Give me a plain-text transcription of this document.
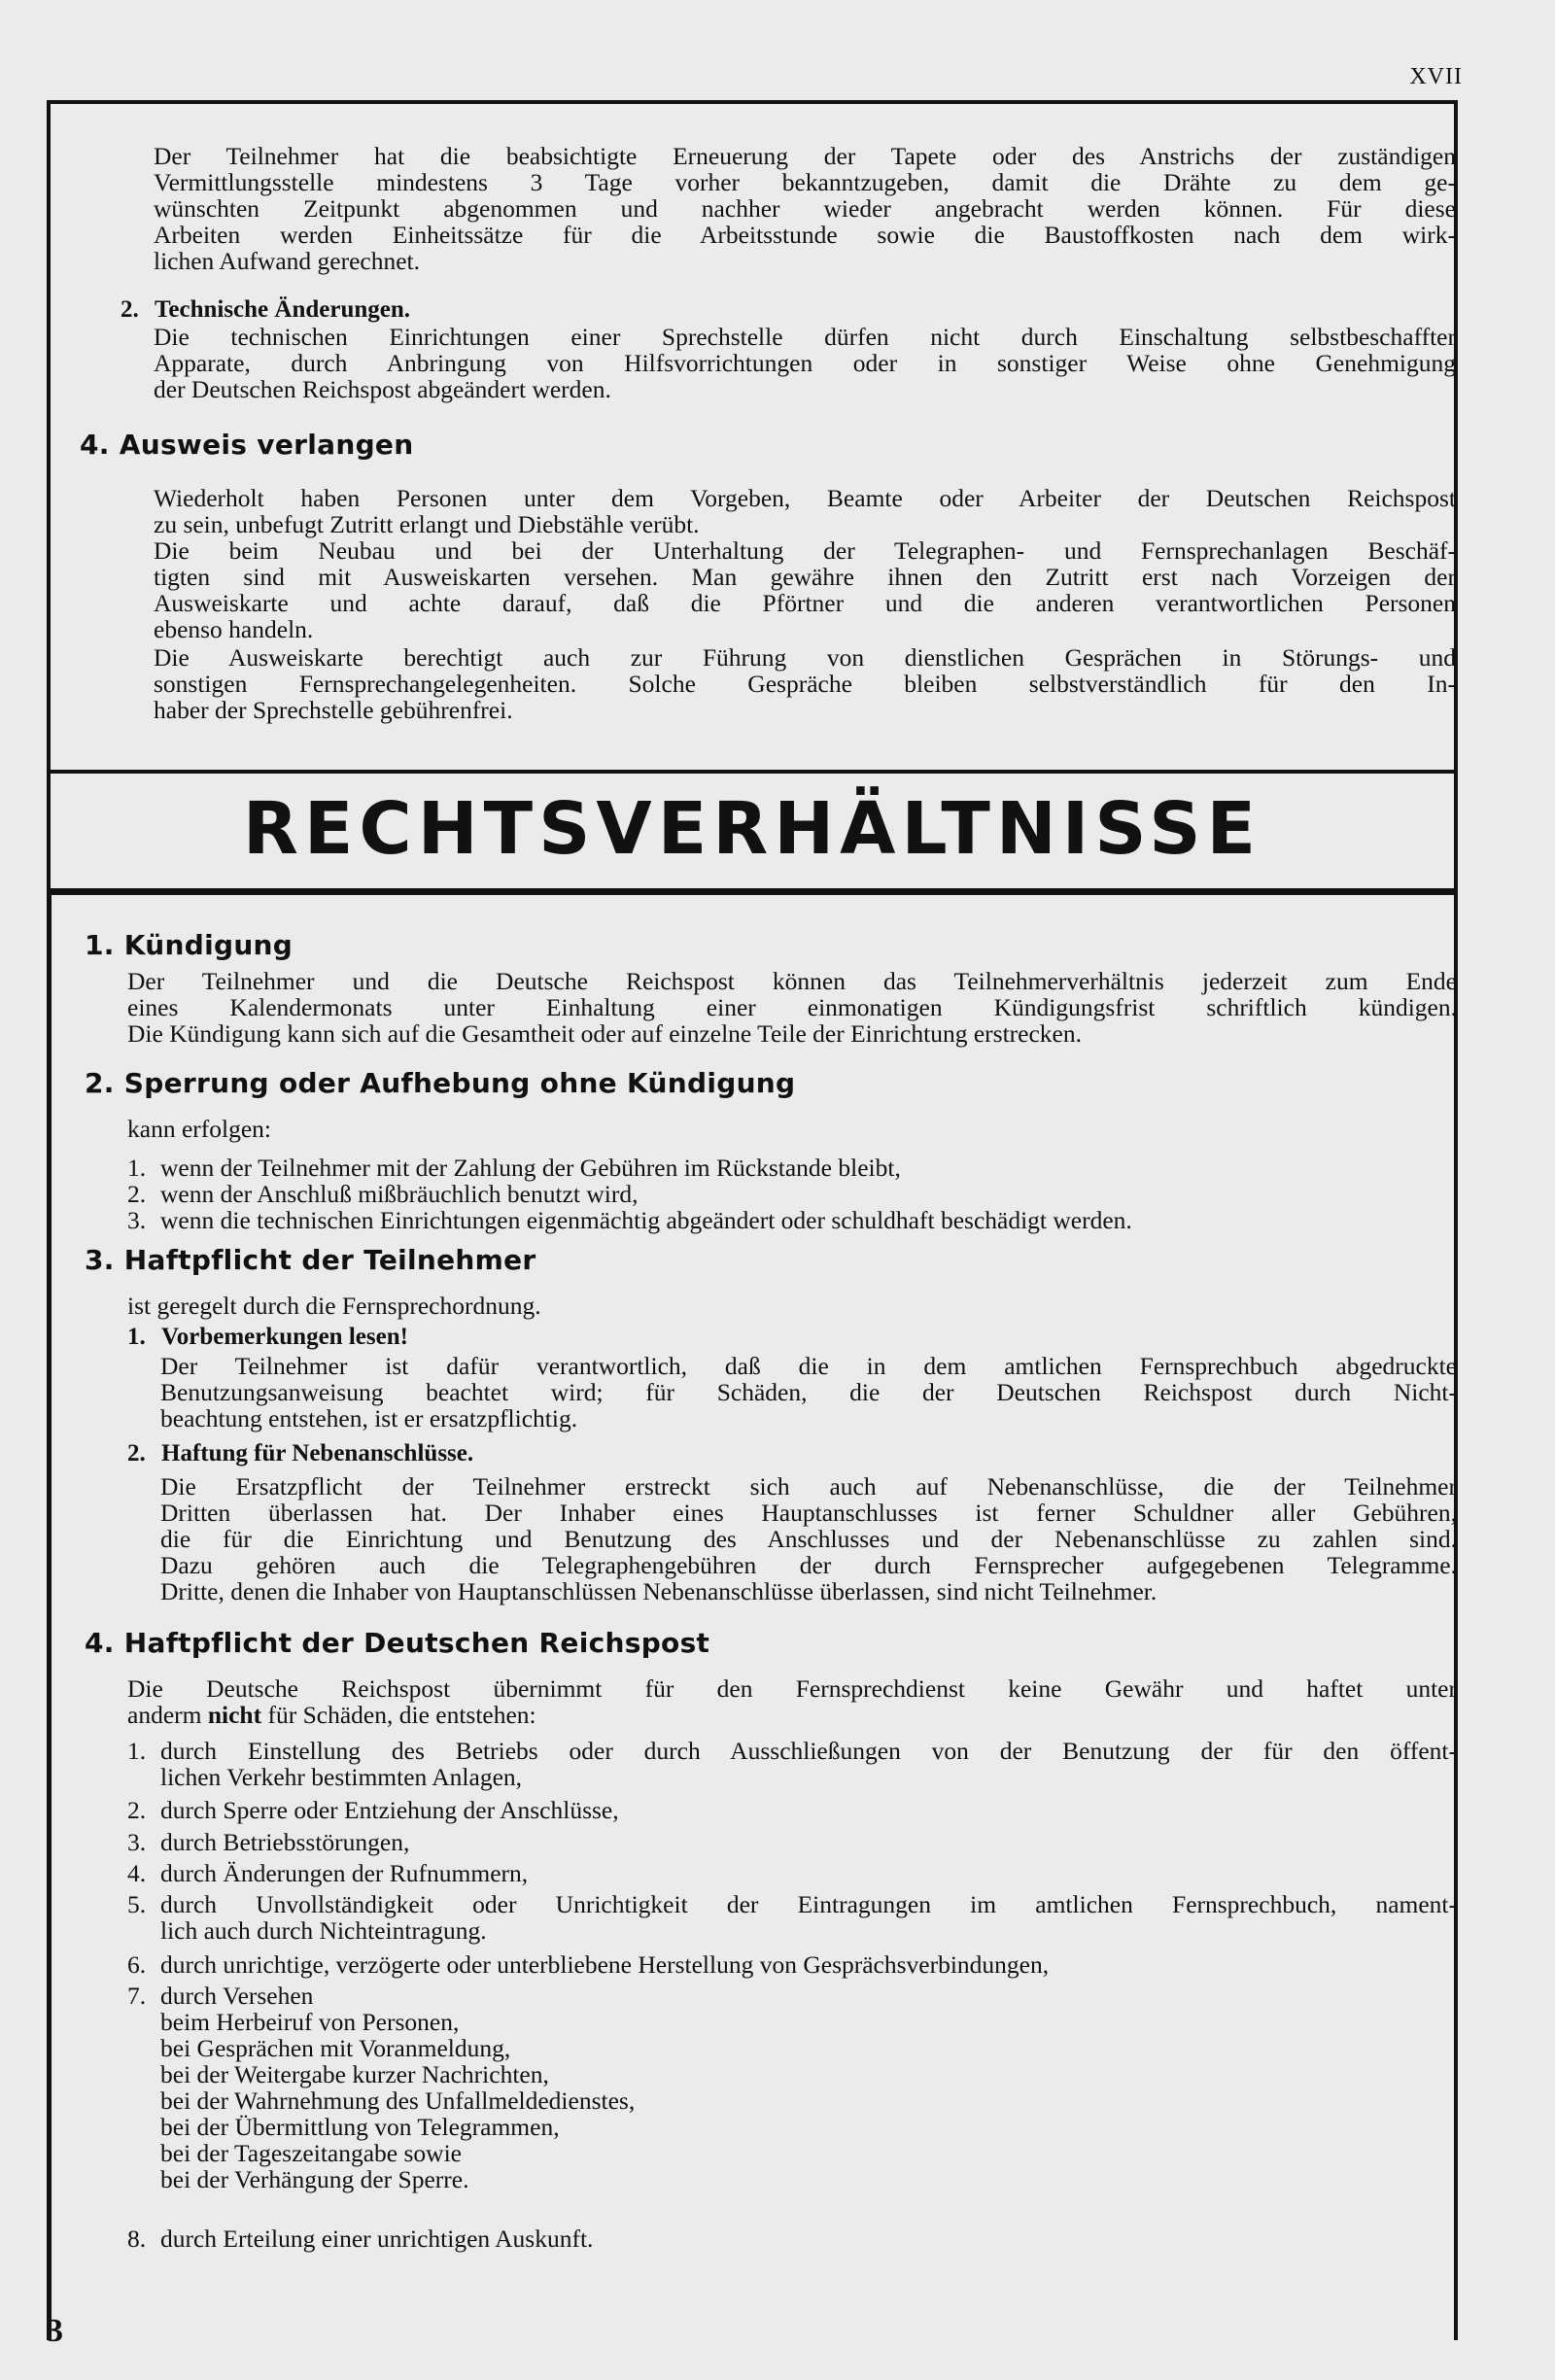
XVII
3
Der Teilnehmer hat die beabsichtigte Erneuerung der Tapete oder des Anstrichs der zuständigen
Vermittlungsstelle mindestens 3 Tage vorher bekanntzugeben, damit die Drähte zu dem ge-
wünschten Zeitpunkt abgenommen und nachher wieder angebracht werden können. Für diese
Arbeiten werden Einheitssätze für die Arbeitsstunde sowie die Baustoffkosten nach dem wirk-
lichen Aufwand gerechnet.
2. Technische Änderungen.
Die technischen Einrichtungen einer Sprechstelle dürfen nicht durch Einschaltung selbstbeschaffter
Apparate, durch Anbringung von Hilfsvorrichtungen oder in sonstiger Weise ohne Genehmigung
der Deutschen Reichspost abgeändert werden.
4. Ausweis verlangen
Wiederholt haben Personen unter dem Vorgeben, Beamte oder Arbeiter der Deutschen Reichspost
zu sein, unbefugt Zutritt erlangt und Diebstähle verübt.
Die beim Neubau und bei der Unterhaltung der Telegraphen- und Fernsprechanlagen Beschäf-
tigten sind mit Ausweiskarten versehen. Man gewähre ihnen den Zutritt erst nach Vorzeigen der
Ausweiskarte und achte darauf, daß die Pförtner und die anderen verantwortlichen Personen
ebenso handeln.
Die Ausweiskarte berechtigt auch zur Führung von dienstlichen Gesprächen in Störungs- und
sonstigen Fernsprechangelegenheiten. Solche Gespräche bleiben selbstverständlich für den In-
haber der Sprechstelle gebührenfrei.
RECHTSVERHÄLTNISSE
1. Kündigung
Der Teilnehmer und die Deutsche Reichspost können das Teilnehmerverhältnis jederzeit zum Ende
eines Kalendermonats unter Einhaltung einer einmonatigen Kündigungsfrist schriftlich kündigen.
Die Kündigung kann sich auf die Gesamtheit oder auf einzelne Teile der Einrichtung erstrecken.
2. Sperrung oder Aufhebung ohne Kündigung
kann erfolgen:
1. wenn der Teilnehmer mit der Zahlung der Gebühren im Rückstande bleibt,
2. wenn der Anschluß mißbräuchlich benutzt wird,
3. wenn die technischen Einrichtungen eigenmächtig abgeändert oder schuldhaft beschädigt werden.
3. Haftpflicht der Teilnehmer
ist geregelt durch die Fernsprechordnung.
1. Vorbemerkungen lesen!
Der Teilnehmer ist dafür verantwortlich, daß die in dem amtlichen Fernsprechbuch abgedruckte
Benutzungsanweisung beachtet wird; für Schäden, die der Deutschen Reichspost durch Nicht-
beachtung entstehen, ist er ersatzpflichtig.
2. Haftung für Nebenanschlüsse.
Die Ersatzpflicht der Teilnehmer erstreckt sich auch auf Nebenanschlüsse, die der Teilnehmer
Dritten überlassen hat. Der Inhaber eines Hauptanschlusses ist ferner Schuldner aller Gebühren,
die für die Einrichtung und Benutzung des Anschlusses und der Nebenanschlüsse zu zahlen sind.
Dazu gehören auch die Telegraphengebühren der durch Fernsprecher aufgegebenen Telegramme.
Dritte, denen die Inhaber von Hauptanschlüssen Nebenanschlüsse überlassen, sind nicht Teilnehmer.
4. Haftpflicht der Deutschen Reichspost
Die Deutsche Reichspost übernimmt für den Fernsprechdienst keine Gewähr und haftet unter
anderm nicht für Schäden, die entstehen:
1. durch Einstellung des Betriebs oder durch Ausschließungen von der Benutzung der für den öffent-
lichen Verkehr bestimmten Anlagen,
2. durch Sperre oder Entziehung der Anschlüsse,
3. durch Betriebsstörungen,
4. durch Änderungen der Rufnummern,
5. durch Unvollständigkeit oder Unrichtigkeit der Eintragungen im amtlichen Fernsprechbuch, nament-
lich auch durch Nichteintragung.
6. durch unrichtige, verzögerte oder unterbliebene Herstellung von Gesprächsverbindungen,
7. durch Versehen
beim Herbeiruf von Personen,
bei Gesprächen mit Voranmeldung,
bei der Weitergabe kurzer Nachrichten,
bei der Wahrnehmung des Unfallmeldedienstes,
bei der Übermittlung von Telegrammen,
bei der Tageszeitangabe sowie
bei der Verhängung der Sperre.
8. durch Erteilung einer unrichtigen Auskunft.
